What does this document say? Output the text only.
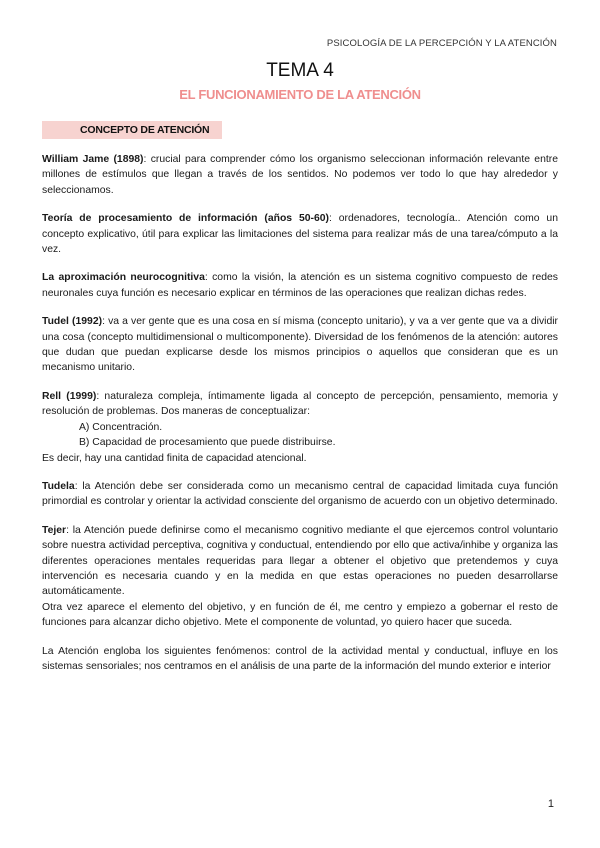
PSICOLOGÍA DE LA PERCEPCIÓN Y LA ATENCIÓN
TEMA 4
EL FUNCIONAMIENTO DE LA ATENCIÓN
CONCEPTO DE ATENCIÓN

William Jame (1898): crucial para comprender cómo los organismo seleccionan información relevante entre millones de estímulos que llegan a través de los sentidos. No podemos ver todo lo que hay alrededor y seleccionamos.

Teoría de procesamiento de información (años 50-60): ordenadores, tecnología.. Atención como un concepto explicativo, útil para explicar las limitaciones del sistema para realizar más de una tarea/cómputo a la vez.

La aproximación neurocognitiva: como la visión, la atención es un sistema cognitivo compuesto de redes neuronales cuya función es necesario explicar en términos de las operaciones que realizan dichas redes.

Tudel (1992): va a ver gente que es una cosa en sí misma (concepto unitario), y va a ver gente que va a dividir una cosa (concepto multidimensional o multicomponente). Diversidad de los fenómenos de la atención: autores que dudan que puedan explicarse desde los mismos principios o aquellos que consideran que es un mecanismo unitario.

Rell (1999): naturaleza compleja, íntimamente ligada al concepto de percepción, pensamiento, memoria y resolución de problemas. Dos maneras de conceptualizar:

A) Concentración.
B) Capacidad de procesamiento que puede distribuirse.

Es decir, hay una cantidad finita de capacidad atencional.

Tudela: la Atención debe ser considerada como un mecanismo central de capacidad limitada cuya función primordial es controlar y orientar la actividad consciente del organismo de acuerdo con un objetivo determinado.

Tejer: la Atención puede definirse como el mecanismo cognitivo mediante el que ejercemos control voluntario sobre nuestra actividad perceptiva, cognitiva y conductual, entendiendo por ello que activa/inhibe y organiza las diferentes operaciones mentales requeridas para llegar a obtener el objetivo que pretendemos y cuya intervención es necesaria cuando y en la medida en que estas operaciones no pueden desarrollarse automáticamente.

Otra vez aparece el elemento del objetivo, y en función de él, me centro y empiezo a gobernar el resto de funciones para alcanzar dicho objetivo. Mete el componente de voluntad, yo quiero hacer que suceda.

La Atención engloba los siguientes fenómenos: control de la actividad mental y conductual, influye en los sistemas sensoriales; nos centramos en el análisis de una parte de la información del mundo exterior e interior

1
